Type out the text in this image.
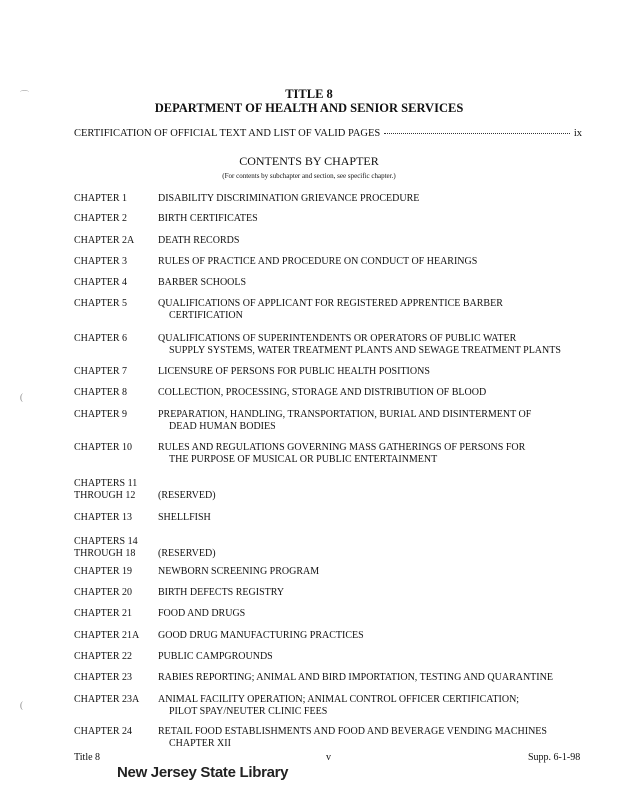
TITLE 8
DEPARTMENT OF HEALTH AND SENIOR SERVICES
CERTIFICATION OF OFFICIAL TEXT AND LIST OF VALID PAGES	ix
CONTENTS BY CHAPTER
(For contents by subchapter and section, see specific chapter.)
CHAPTER 1	DISABILITY DISCRIMINATION GRIEVANCE PROCEDURE
CHAPTER 2	BIRTH CERTIFICATES
CHAPTER 2A	DEATH RECORDS
CHAPTER 3	RULES OF PRACTICE AND PROCEDURE ON CONDUCT OF HEARINGS
CHAPTER 4	BARBER SCHOOLS
CHAPTER 5	QUALIFICATIONS OF APPLICANT FOR REGISTERED APPRENTICE BARBER
CERTIFICATION
CHAPTER 6	QUALIFICATIONS OF SUPERINTENDENTS OR OPERATORS OF PUBLIC WATER
SUPPLY SYSTEMS, WATER TREATMENT PLANTS AND SEWAGE TREATMENT PLANTS
CHAPTER 7	LICENSURE OF PERSONS FOR PUBLIC HEALTH POSITIONS
CHAPTER 8	COLLECTION, PROCESSING, STORAGE AND DISTRIBUTION OF BLOOD
CHAPTER 9	PREPARATION, HANDLING, TRANSPORTATION, BURIAL AND DISINTERMENT OF
DEAD HUMAN BODIES
CHAPTER 10	RULES AND REGULATIONS GOVERNING MASS GATHERINGS OF PERSONS FOR
THE PURPOSE OF MUSICAL OR PUBLIC ENTERTAINMENT
CHAPTERS 11
THROUGH 12	(RESERVED)
CHAPTER 13	SHELLFISH
CHAPTERS 14
THROUGH 18	(RESERVED)
CHAPTER 19	NEWBORN SCREENING PROGRAM
CHAPTER 20	BIRTH DEFECTS REGISTRY
CHAPTER 21	FOOD AND DRUGS
CHAPTER 21A	GOOD DRUG MANUFACTURING PRACTICES
CHAPTER 22	PUBLIC CAMPGROUNDS
CHAPTER 23	RABIES REPORTING; ANIMAL AND BIRD IMPORTATION, TESTING AND QUARANTINE
CHAPTER 23A	ANIMAL FACILITY OPERATION; ANIMAL CONTROL OFFICER CERTIFICATION;
PILOT SPAY/NEUTER CLINIC FEES
CHAPTER 24	RETAIL FOOD ESTABLISHMENTS AND FOOD AND BEVERAGE VENDING MACHINES
CHAPTER XII
Title 8	v	Supp. 6-1-98
New Jersey State Library
⌒
(
(
